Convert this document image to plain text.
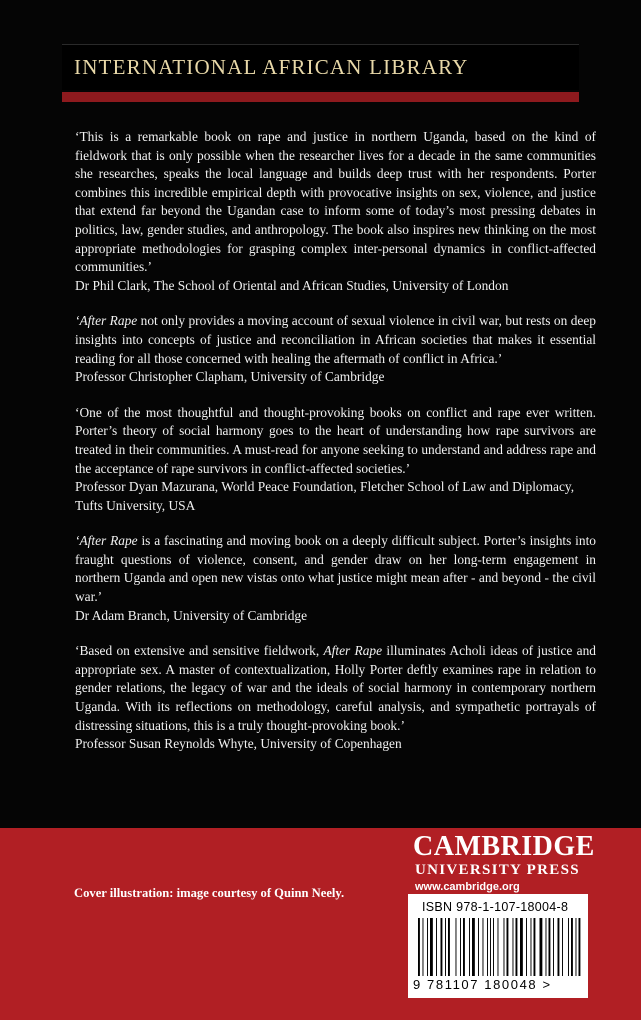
INTERNATIONAL AFRICAN LIBRARY
‘This is a remarkable book on rape and justice in northern Uganda, based on the kind of fieldwork that is only possible when the researcher lives for a decade in the same communities she researches, speaks the local language and builds deep trust with her respondents. Porter combines this incredible empirical depth with provocative insights on sex, violence, and justice that extend far beyond the Ugandan case to inform some of today’s most pressing debates in politics, law, gender studies, and anthropology. The book also inspires new thinking on the most appropriate methodologies for grasping complex inter-personal dynamics in conflict-affected communities.’
Dr Phil Clark, The School of Oriental and African Studies, University of London
‘After Rape not only provides a moving account of sexual violence in civil war, but rests on deep insights into concepts of justice and reconciliation in African societies that makes it essential reading for all those concerned with healing the aftermath of conflict in Africa.’
Professor Christopher Clapham, University of Cambridge
‘One of the most thoughtful and thought-provoking books on conflict and rape ever written. Porter’s theory of social harmony goes to the heart of understanding how rape survivors are treated in their communities. A must-read for anyone seeking to understand and address rape and the acceptance of rape survivors in conflict-affected societies.’
Professor Dyan Mazurana, World Peace Foundation, Fletcher School of Law and Diplomacy, Tufts University, USA
‘After Rape is a fascinating and moving book on a deeply difficult subject. Porter’s insights into fraught questions of violence, consent, and gender draw on her long-term engagement in northern Uganda and open new vistas onto what justice might mean after - and beyond - the civil war.’
Dr Adam Branch, University of Cambridge
‘Based on extensive and sensitive fieldwork, After Rape illuminates Acholi ideas of justice and appropriate sex. A master of contextualization, Holly Porter deftly examines rape in relation to gender relations, the legacy of war and the ideals of social harmony in contemporary northern Uganda. With its reflections on methodology, careful analysis, and sympathetic portrayals of distressing situations, this is a truly thought-provoking book.’
Professor Susan Reynolds Whyte, University of Copenhagen
Cover illustration: image courtesy of Quinn Neely.
CAMBRIDGE
UNIVERSITY PRESS
www.cambridge.org
ISBN 978-1-107-18004-8
9 781107 180048 >
